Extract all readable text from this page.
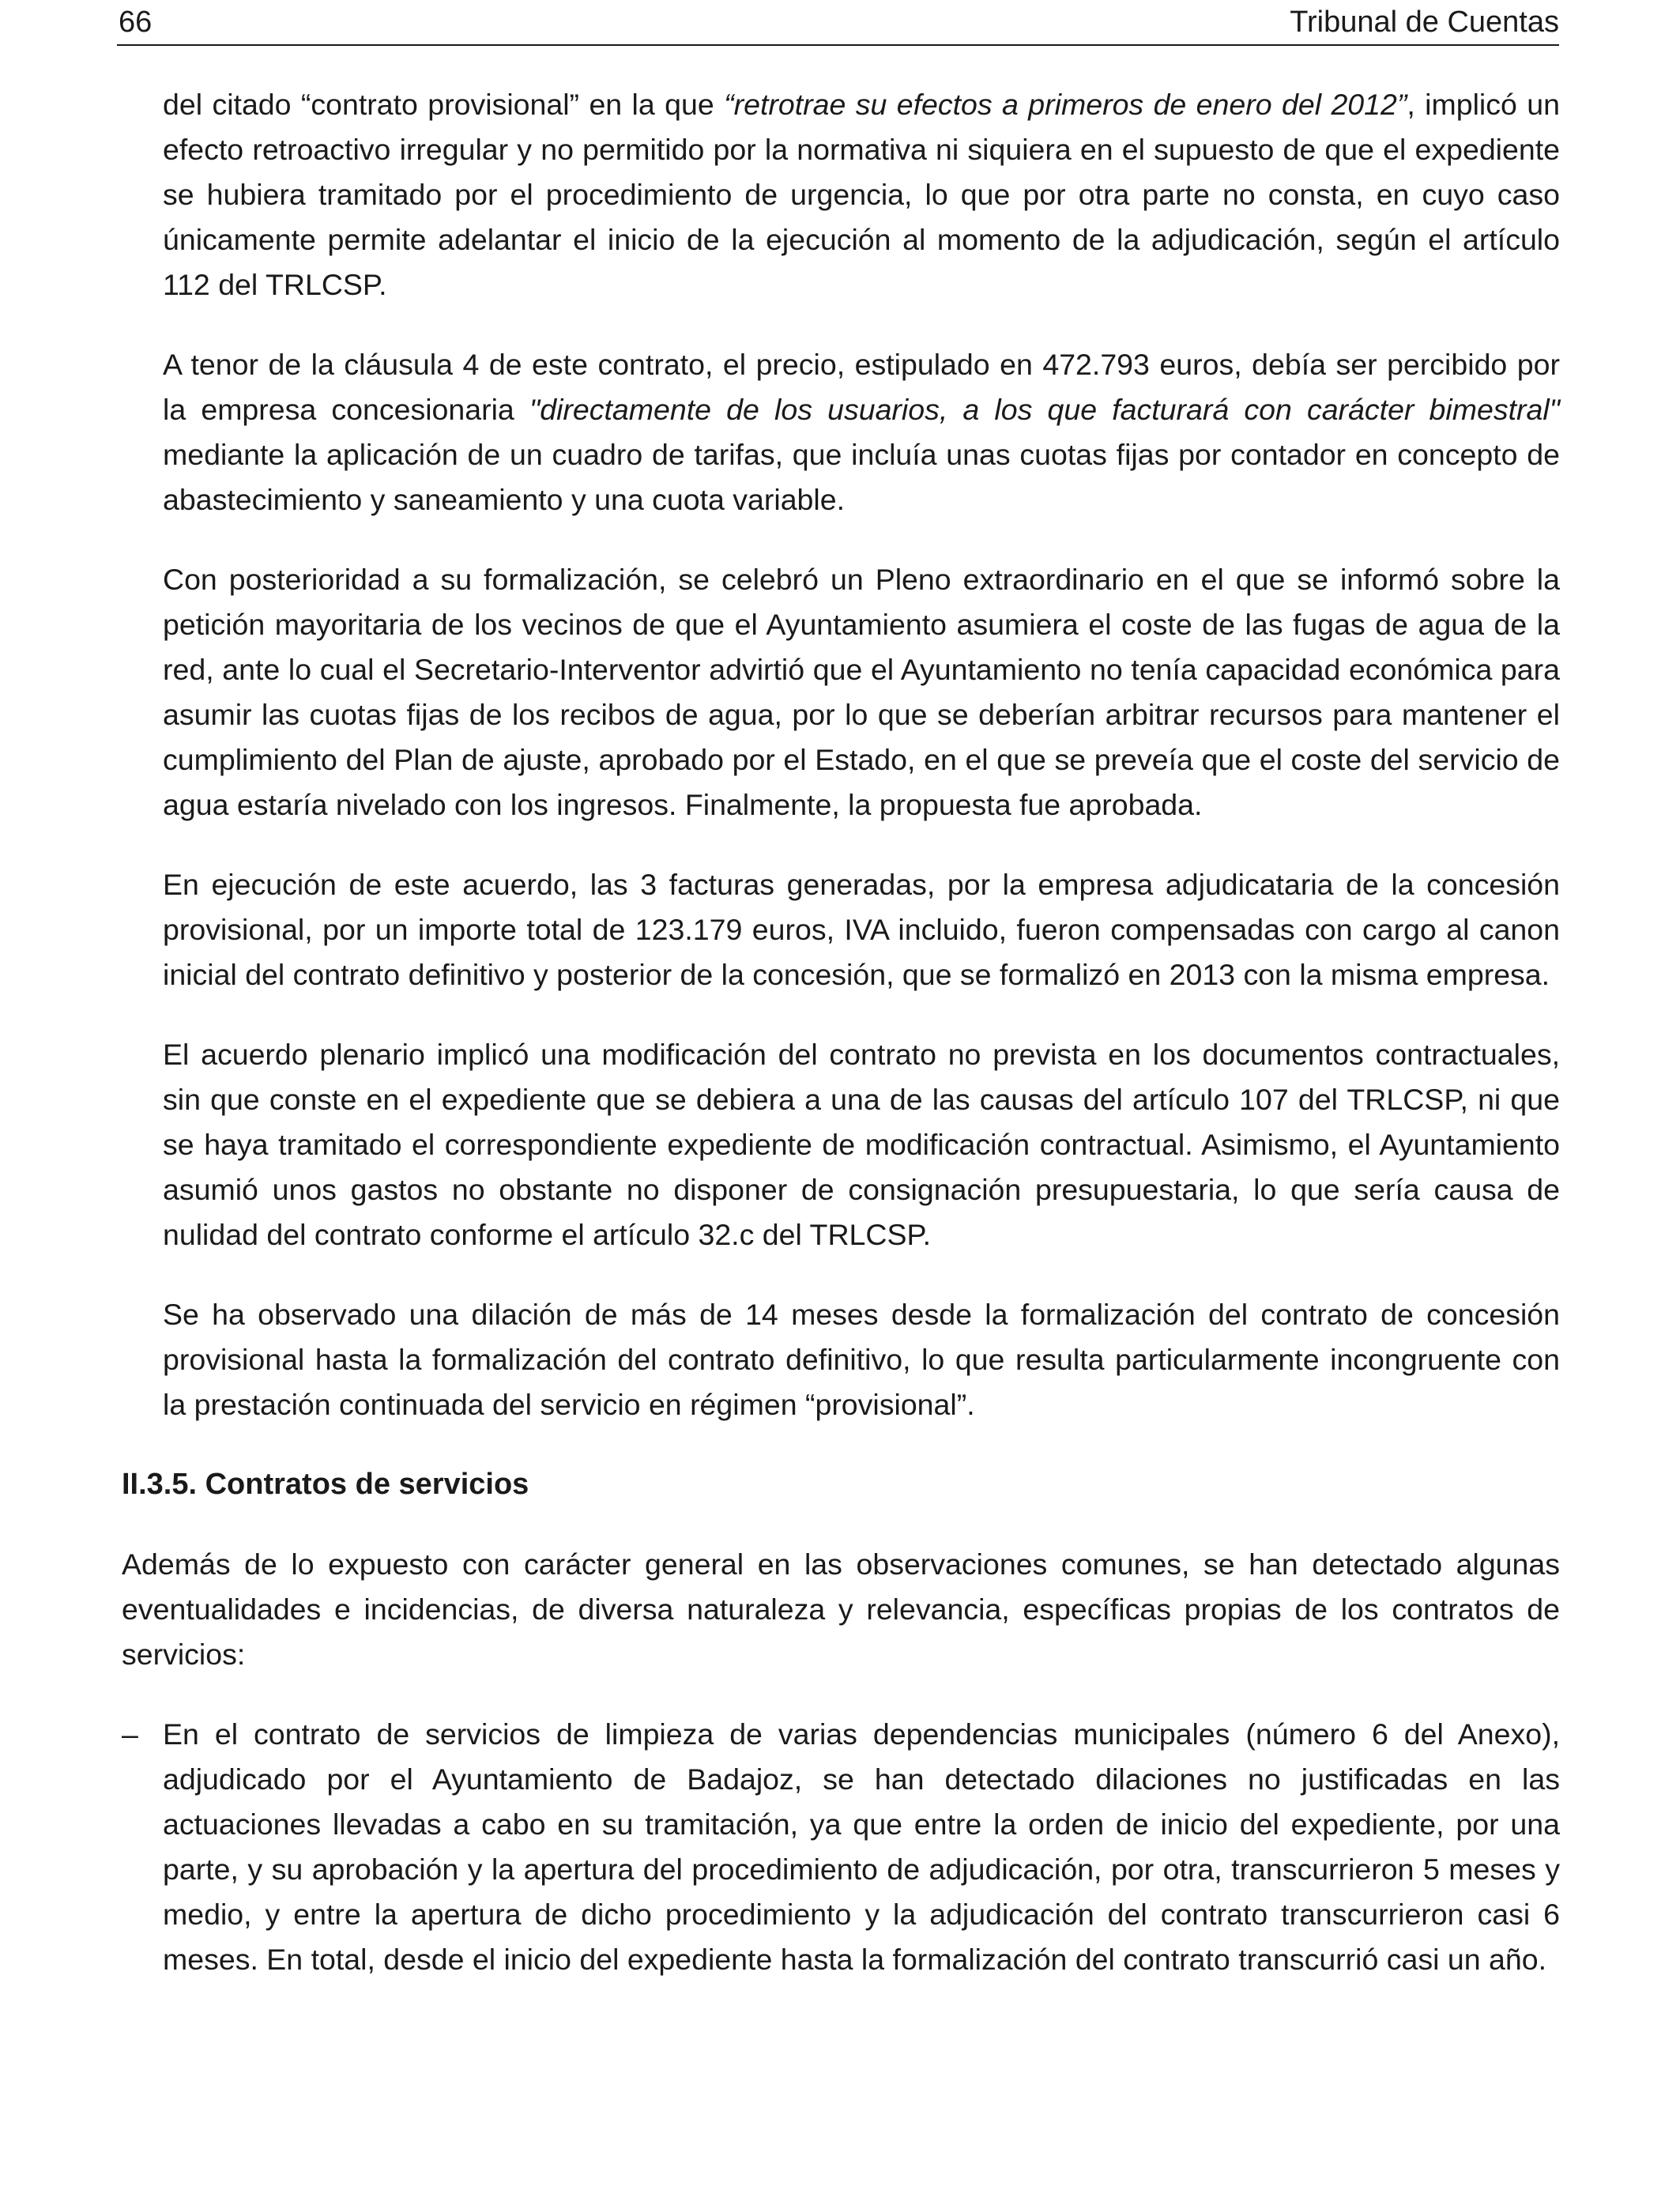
66	Tribunal de Cuentas

del citado “contrato provisional” en la que “retrotrae su efectos a primeros de enero del 2012”, implicó un efecto retroactivo irregular y no permitido por la normativa ni siquiera en el supuesto de que el expediente se hubiera tramitado por el procedimiento de urgencia, lo que por otra parte no consta, en cuyo caso únicamente permite adelantar el inicio de la ejecución al momento de la adjudicación, según el artículo 112 del TRLCSP.

A tenor de la cláusula 4 de este contrato, el precio, estipulado en 472.793 euros, debía ser percibido por la empresa concesionaria "directamente de los usuarios, a los que facturará con carácter bimestral" mediante la aplicación de un cuadro de tarifas, que incluía unas cuotas fijas por contador en concepto de abastecimiento y saneamiento y una cuota variable.

Con posterioridad a su formalización, se celebró un Pleno extraordinario en el que se informó sobre la petición mayoritaria de los vecinos de que el Ayuntamiento asumiera el coste de las fugas de agua de la red, ante lo cual el Secretario-Interventor advirtió que el Ayuntamiento no tenía capacidad económica para asumir las cuotas fijas de los recibos de agua, por lo que se deberían arbitrar recursos para mantener el cumplimiento del Plan de ajuste, aprobado por el Estado, en el que se preveía que el coste del servicio de agua estaría nivelado con los ingresos. Finalmente, la propuesta fue aprobada.

En ejecución de este acuerdo, las 3 facturas generadas, por la empresa adjudicataria de la concesión provisional, por un importe total de 123.179 euros, IVA incluido, fueron compensadas con cargo al canon inicial del contrato definitivo y posterior de la concesión, que se formalizó en 2013 con la misma empresa.

El acuerdo plenario implicó una modificación del contrato no prevista en los documentos contractuales, sin que conste en el expediente que se debiera a una de las causas del artículo 107 del TRLCSP, ni que se haya tramitado el correspondiente expediente de modificación contractual. Asimismo, el Ayuntamiento asumió unos gastos no obstante no disponer de consignación presupuestaria, lo que sería causa de nulidad del contrato conforme el artículo 32.c del TRLCSP.

Se ha observado una dilación de más de 14 meses desde la formalización del contrato de concesión provisional hasta la formalización del contrato definitivo, lo que resulta particularmente incongruente con la prestación continuada del servicio en régimen “provisional”.

II.3.5. Contratos de servicios

Además de lo expuesto con carácter general en las observaciones comunes, se han detectado algunas eventualidades e incidencias, de diversa naturaleza y relevancia, específicas propias de los contratos de servicios:

– En el contrato de servicios de limpieza de varias dependencias municipales (número 6 del Anexo), adjudicado por el Ayuntamiento de Badajoz, se han detectado dilaciones no justificadas en las actuaciones llevadas a cabo en su tramitación, ya que entre la orden de inicio del expediente, por una parte, y su aprobación y la apertura del procedimiento de adjudicación, por otra, transcurrieron 5 meses y medio, y entre la apertura de dicho procedimiento y la adjudicación del contrato transcurrieron casi 6 meses. En total, desde el inicio del expediente hasta la formalización del contrato transcurrió casi un año.
